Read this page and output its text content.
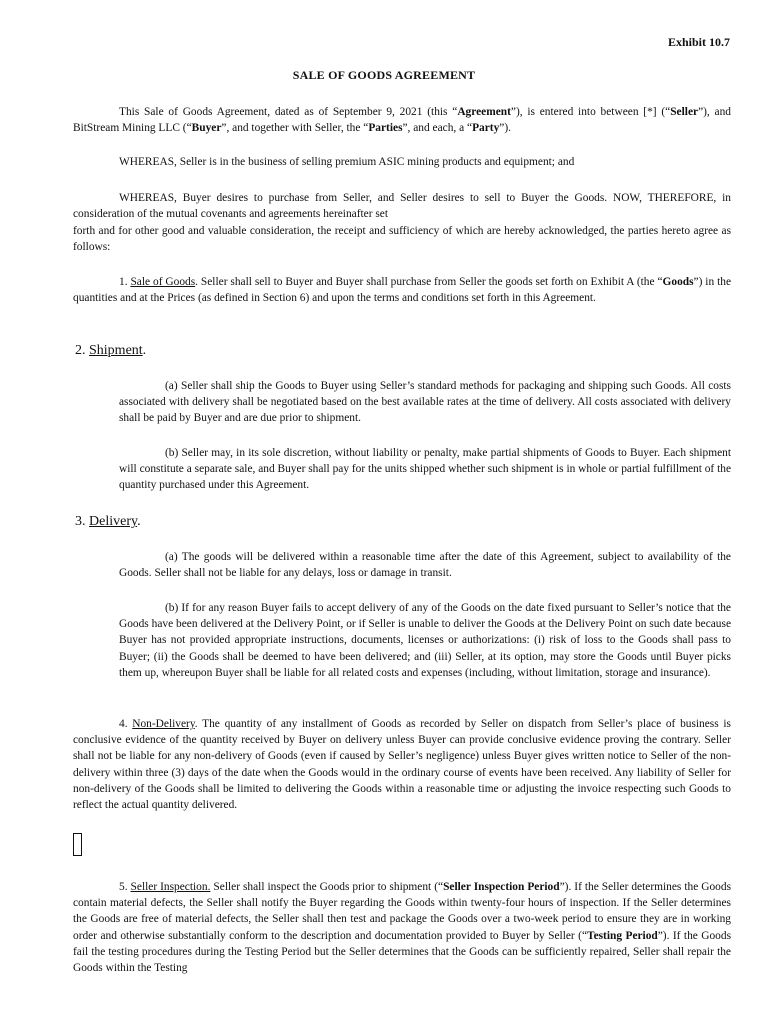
Exhibit 10.7
SALE OF GOODS AGREEMENT
This Sale of Goods Agreement, dated as of September 9, 2021 (this “Agreement”), is entered into between [*] (“Seller”), and BitStream Mining LLC (“Buyer”, and together with Seller, the “Parties”, and each, a “Party”).
WHEREAS, Seller is in the business of selling premium ASIC mining products and equipment; and
WHEREAS, Buyer desires to purchase from Seller, and Seller desires to sell to Buyer the Goods. NOW, THEREFORE, in consideration of the mutual covenants and agreements hereinafter set
forth and for other good and valuable consideration, the receipt and sufficiency of which are hereby acknowledged, the parties hereto agree as follows:
1. Sale of Goods. Seller shall sell to Buyer and Buyer shall purchase from Seller the goods set forth on Exhibit A (the “Goods”) in the quantities and at the Prices (as defined in Section 6) and upon the terms and conditions set forth in this Agreement.
2. Shipment.
(a) Seller shall ship the Goods to Buyer using Seller’s standard methods for packaging and shipping such Goods. All costs associated with delivery shall be negotiated based on the best available rates at the time of delivery. All costs associated with delivery shall be paid by Buyer and are due prior to shipment.
(b) Seller may, in its sole discretion, without liability or penalty, make partial shipments of Goods to Buyer. Each shipment will constitute a separate sale, and Buyer shall pay for the units shipped whether such shipment is in whole or partial fulfillment of the quantity purchased under this Agreement.
3. Delivery.
(a) The goods will be delivered within a reasonable time after the date of this Agreement, subject to availability of the Goods. Seller shall not be liable for any delays, loss or damage in transit.
(b) If for any reason Buyer fails to accept delivery of any of the Goods on the date fixed pursuant to Seller’s notice that the Goods have been delivered at the Delivery Point, or if Seller is unable to deliver the Goods at the Delivery Point on such date because Buyer has not provided appropriate instructions, documents, licenses or authorizations: (i) risk of loss to the Goods shall pass to Buyer; (ii) the Goods shall be deemed to have been delivered; and (iii) Seller, at its option, may store the Goods until Buyer picks them up, whereupon Buyer shall be liable for all related costs and expenses (including, without limitation, storage and insurance).
4. Non-Delivery. The quantity of any installment of Goods as recorded by Seller on dispatch from Seller’s place of business is conclusive evidence of the quantity received by Buyer on delivery unless Buyer can provide conclusive evidence proving the contrary. Seller shall not be liable for any non-delivery of Goods (even if caused by Seller’s negligence) unless Buyer gives written notice to Seller of the non-delivery within three (3) days of the date when the Goods would in the ordinary course of events have been received. Any liability of Seller for non-delivery of the Goods shall be limited to delivering the Goods within a reasonable time or adjusting the invoice respecting such Goods to reflect the actual quantity delivered.
5. Seller Inspection. Seller shall inspect the Goods prior to shipment (“Seller Inspection Period”). If the Seller determines the Goods contain material defects, the Seller shall notify the Buyer regarding the Goods within twenty-four hours of inspection. If the Seller determines the Goods are free of material defects, the Seller shall then test and package the Goods over a two-week period to ensure they are in working order and otherwise substantially conform to the description and documentation provided to Buyer by Seller (“Testing Period”). If the Goods fail the testing procedures during the Testing Period but the Seller determines that the Goods can be sufficiently repaired, Seller shall repair the Goods within the Testing
